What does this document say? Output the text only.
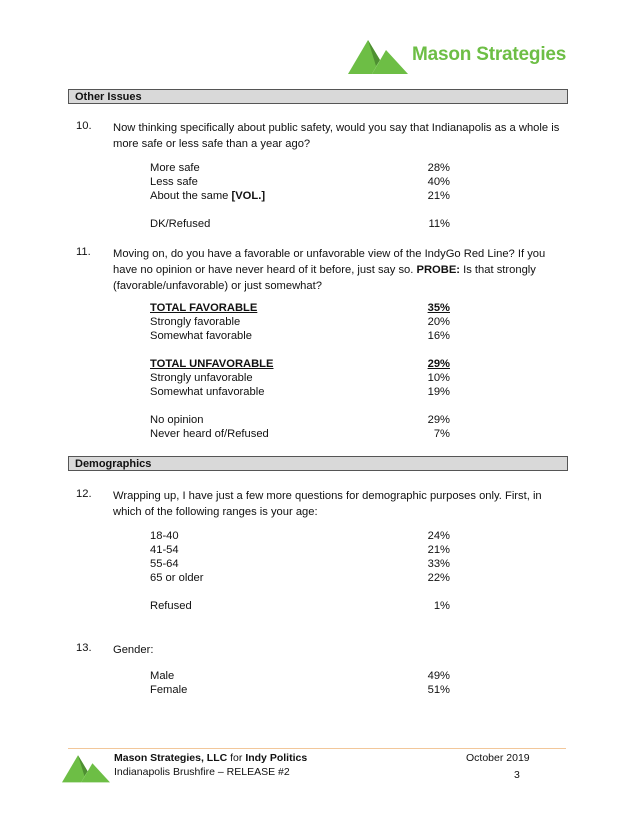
Mason Strategies
Other Issues
10. Now thinking specifically about public safety, would you say that Indianapolis as a whole is more safe or less safe than a year ago?
More safe	28%
Less safe	40%
About the same [VOL.]	21%
DK/Refused	11%
11. Moving on, do you have a favorable or unfavorable view of the IndyGo Red Line? If you have no opinion or have never heard of it before, just say so. PROBE: Is that strongly (favorable/unfavorable) or just somewhat?
TOTAL FAVORABLE	35%
Strongly favorable	20%
Somewhat favorable	16%
TOTAL UNFAVORABLE	29%
Strongly unfavorable	10%
Somewhat unfavorable	19%
No opinion	29%
Never heard of/Refused	7%
Demographics
12. Wrapping up, I have just a few more questions for demographic purposes only. First, in which of the following ranges is your age:
18-40	24%
41-54	21%
55-64	33%
65 or older	22%
Refused	1%
13. Gender:
Male	49%
Female	51%
Mason Strategies, LLC for Indy Politics
Indianapolis Brushfire – RELEASE #2
October 2019
3
